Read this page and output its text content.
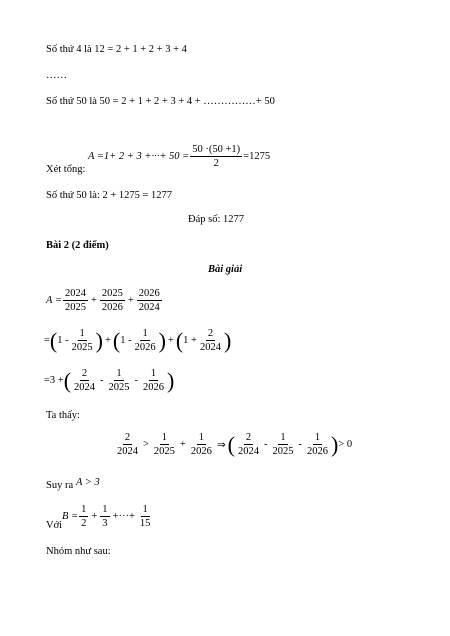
Số thứ 4 là 12 = 2 + 1 + 2 + 3 + 4
……
Số thứ 50 là 50 = 2 + 1 + 2 + 3 + 4 + ……………+ 50
Xét tổng:
A =1+ 2 + 3 +···+ $50 = \frac{50 \cdot(50 +1)}{2} =1275$
Số thứ 50 là: 2 + 1275 = 1277
Đáp số: 1277
Bài 2 (2 điểm)
Bài giải
$A = \frac{2024}{2025} + \frac{2025}{2026} + \frac{2026}{2024}$
= ( $1 - \frac{1}{2025}$ ) + ( $1 - \frac{1}{2026}$ ) + ( $1 + \frac{2}{2024}$ )
=3 + ( $\frac{2}{2024} - \frac{1}{2025} - \frac{1}{2026}$ )
Ta thấy:
$\frac{2}{2024} > \frac{1}{2025} + \frac{1}{2026}$ ⇒ ( $\frac{2}{2024} - \frac{1}{2025} - \frac{1}{2026}$ ) > 0
Suy ra A > 3
Với
$B = \frac{1}{2} + \frac{1}{3}$ +···+ $\frac{1}{15}$
Nhóm như sau:
